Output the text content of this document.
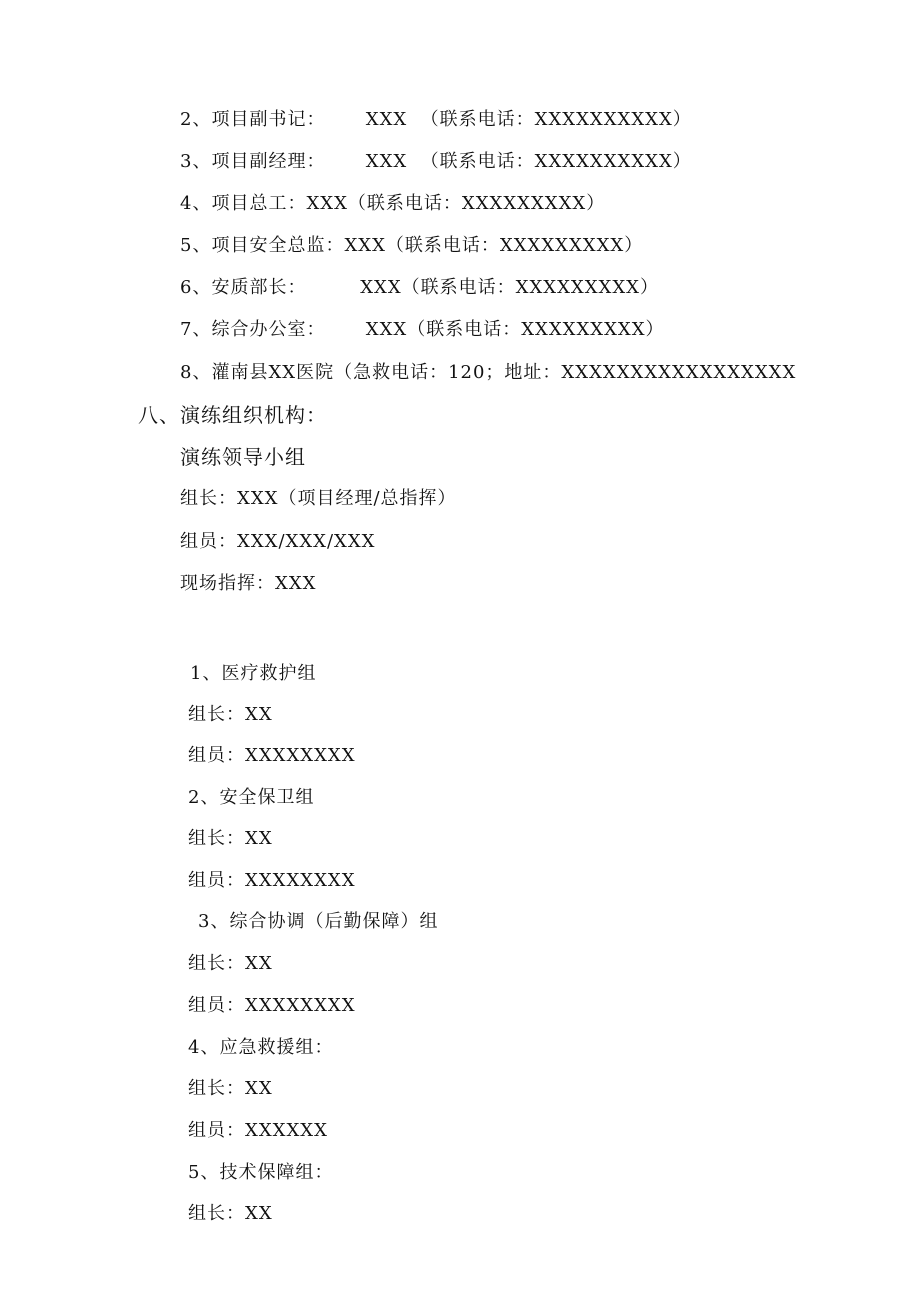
2、项目副书记：      XXX  （联系电话：XXXXXXXXXX）
3、项目副经理：      XXX  （联系电话：XXXXXXXXXX）
4、项目总工：XXX（联系电话：XXXXXXXXX）
5、项目安全总监：XXX（联系电话：XXXXXXXXX）
6、安质部长：        XXX（联系电话：XXXXXXXXX）
7、综合办公室：      XXX（联系电话：XXXXXXXXX）
8、灌南县XX医院（急救电话：120；地址：XXXXXXXXXXXXXXXXX
八、演练组织机构：
演练领导小组
组长：XXX（项目经理/总指挥）
组员：XXX/XXX/XXX
现场指挥：XXX
1、医疗救护组
组长：XX
组员：XXXXXXXX
2、安全保卫组
组长：XX
组员：XXXXXXXX
3、综合协调（后勤保障）组
组长：XX
组员：XXXXXXXX
4、应急救援组：
组长：XX
组员：XXXXXX
5、技术保障组：
组长：XX
